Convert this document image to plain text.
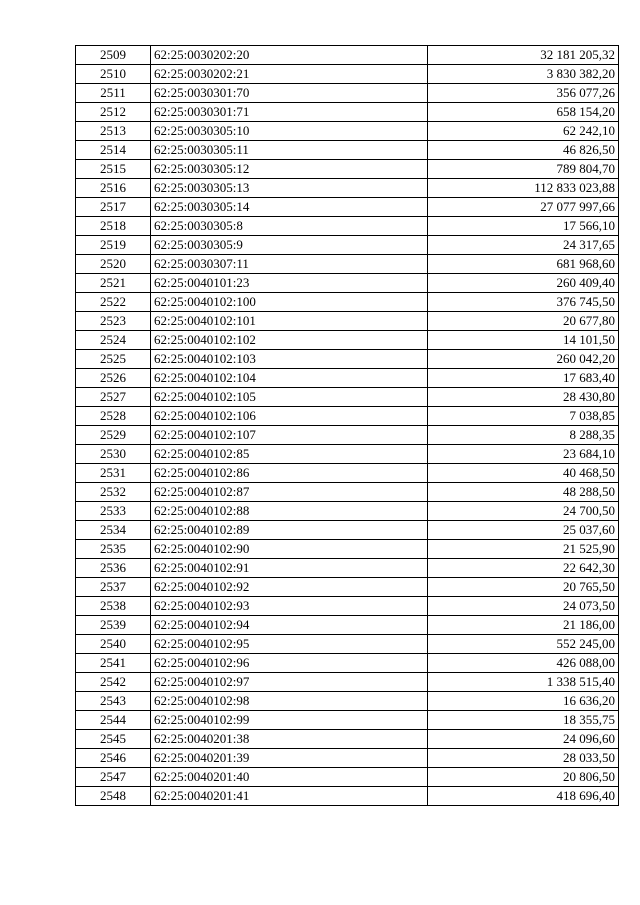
2509	62:25:0030202:20	32 181 205,32
2510	62:25:0030202:21	3 830 382,20
2511	62:25:0030301:70	356 077,26
2512	62:25:0030301:71	658 154,20
2513	62:25:0030305:10	62 242,10
2514	62:25:0030305:11	46 826,50
2515	62:25:0030305:12	789 804,70
2516	62:25:0030305:13	112 833 023,88
2517	62:25:0030305:14	27 077 997,66
2518	62:25:0030305:8	17 566,10
2519	62:25:0030305:9	24 317,65
2520	62:25:0030307:11	681 968,60
2521	62:25:0040101:23	260 409,40
2522	62:25:0040102:100	376 745,50
2523	62:25:0040102:101	20 677,80
2524	62:25:0040102:102	14 101,50
2525	62:25:0040102:103	260 042,20
2526	62:25:0040102:104	17 683,40
2527	62:25:0040102:105	28 430,80
2528	62:25:0040102:106	7 038,85
2529	62:25:0040102:107	8 288,35
2530	62:25:0040102:85	23 684,10
2531	62:25:0040102:86	40 468,50
2532	62:25:0040102:87	48 288,50
2533	62:25:0040102:88	24 700,50
2534	62:25:0040102:89	25 037,60
2535	62:25:0040102:90	21 525,90
2536	62:25:0040102:91	22 642,30
2537	62:25:0040102:92	20 765,50
2538	62:25:0040102:93	24 073,50
2539	62:25:0040102:94	21 186,00
2540	62:25:0040102:95	552 245,00
2541	62:25:0040102:96	426 088,00
2542	62:25:0040102:97	1 338 515,40
2543	62:25:0040102:98	16 636,20
2544	62:25:0040102:99	18 355,75
2545	62:25:0040201:38	24 096,60
2546	62:25:0040201:39	28 033,50
2547	62:25:0040201:40	20 806,50
2548	62:25:0040201:41	418 696,40
